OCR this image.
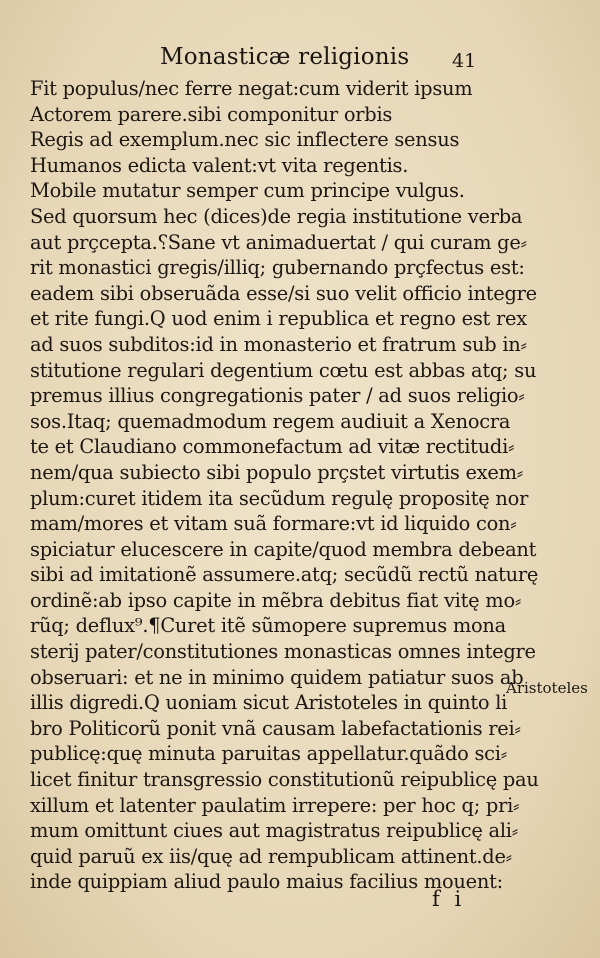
Monasticæ religionis 41
Fit populus/nec ferre negat:cum viderit ipsum
Actorem parere.sibi componitur orbis
Regis ad exemplum.nec sic inflectere sensus
Humanos edicta valent:vt vita regentis.
Mobile mutatur semper cum principe vulgus.
Sed quorsum hec (dices)de regia institutione verba
aut prçcepta.⸮Sane vt animaduertat / qui curam ge⸗
rit monastici gregis/illiq; gubernando prçfectus est:
eadem sibi obseruãda esse/si suo velit officio integre
et rite fungi.Q uod enim i republica et regno est rex
ad suos subditos:id in monasterio et fratrum sub in⸗
stitutione regulari degentium cœtu est abbas atq; su
premus illius congregationis pater / ad suos religio⸗
sos.Itaq; quemadmodum regem audiuit a Xenocra
te et Claudiano commonefactum ad vitæ rectitudi⸗
nem/qua subiecto sibi populo prçstet virtutis exem⸗
plum:curet itidem ita secũdum regulę propositę nor
mam/mores et vitam suã formare:vt id liquido con⸗
spiciatur elucescere in capite/quod membra debeant
sibi ad imitationẽ assumere.atq; secũdũ rectũ naturę
ordinẽ:ab ipso capite in mẽbra debitus fiat vitę mo⸗
rũq; deflux⁹.¶Curet itẽ sũmopere supremus mona
sterij pater/constitutiones monasticas omnes integre
obseruari: et ne in minimo quidem patiatur suos ab
illis digredi.Q uoniam sicut Aristoteles in quinto li
bro Politicorũ ponit vnã causam labefactationis rei⸗
publicę:quę minuta paruitas appellatur.quãdo sci⸗
licet finitur transgressio constitutionũ reipublicę pau
xillum et latenter paulatim irrepere: per hoc q; pri⸗
mum omittunt ciues aut magistratus reipublicę ali⸗
quid paruũ ex iis/quę ad rempublicam attinent.de⸗
inde quippiam aliud paulo maius facilius mouent:
Aristoteles
f i
